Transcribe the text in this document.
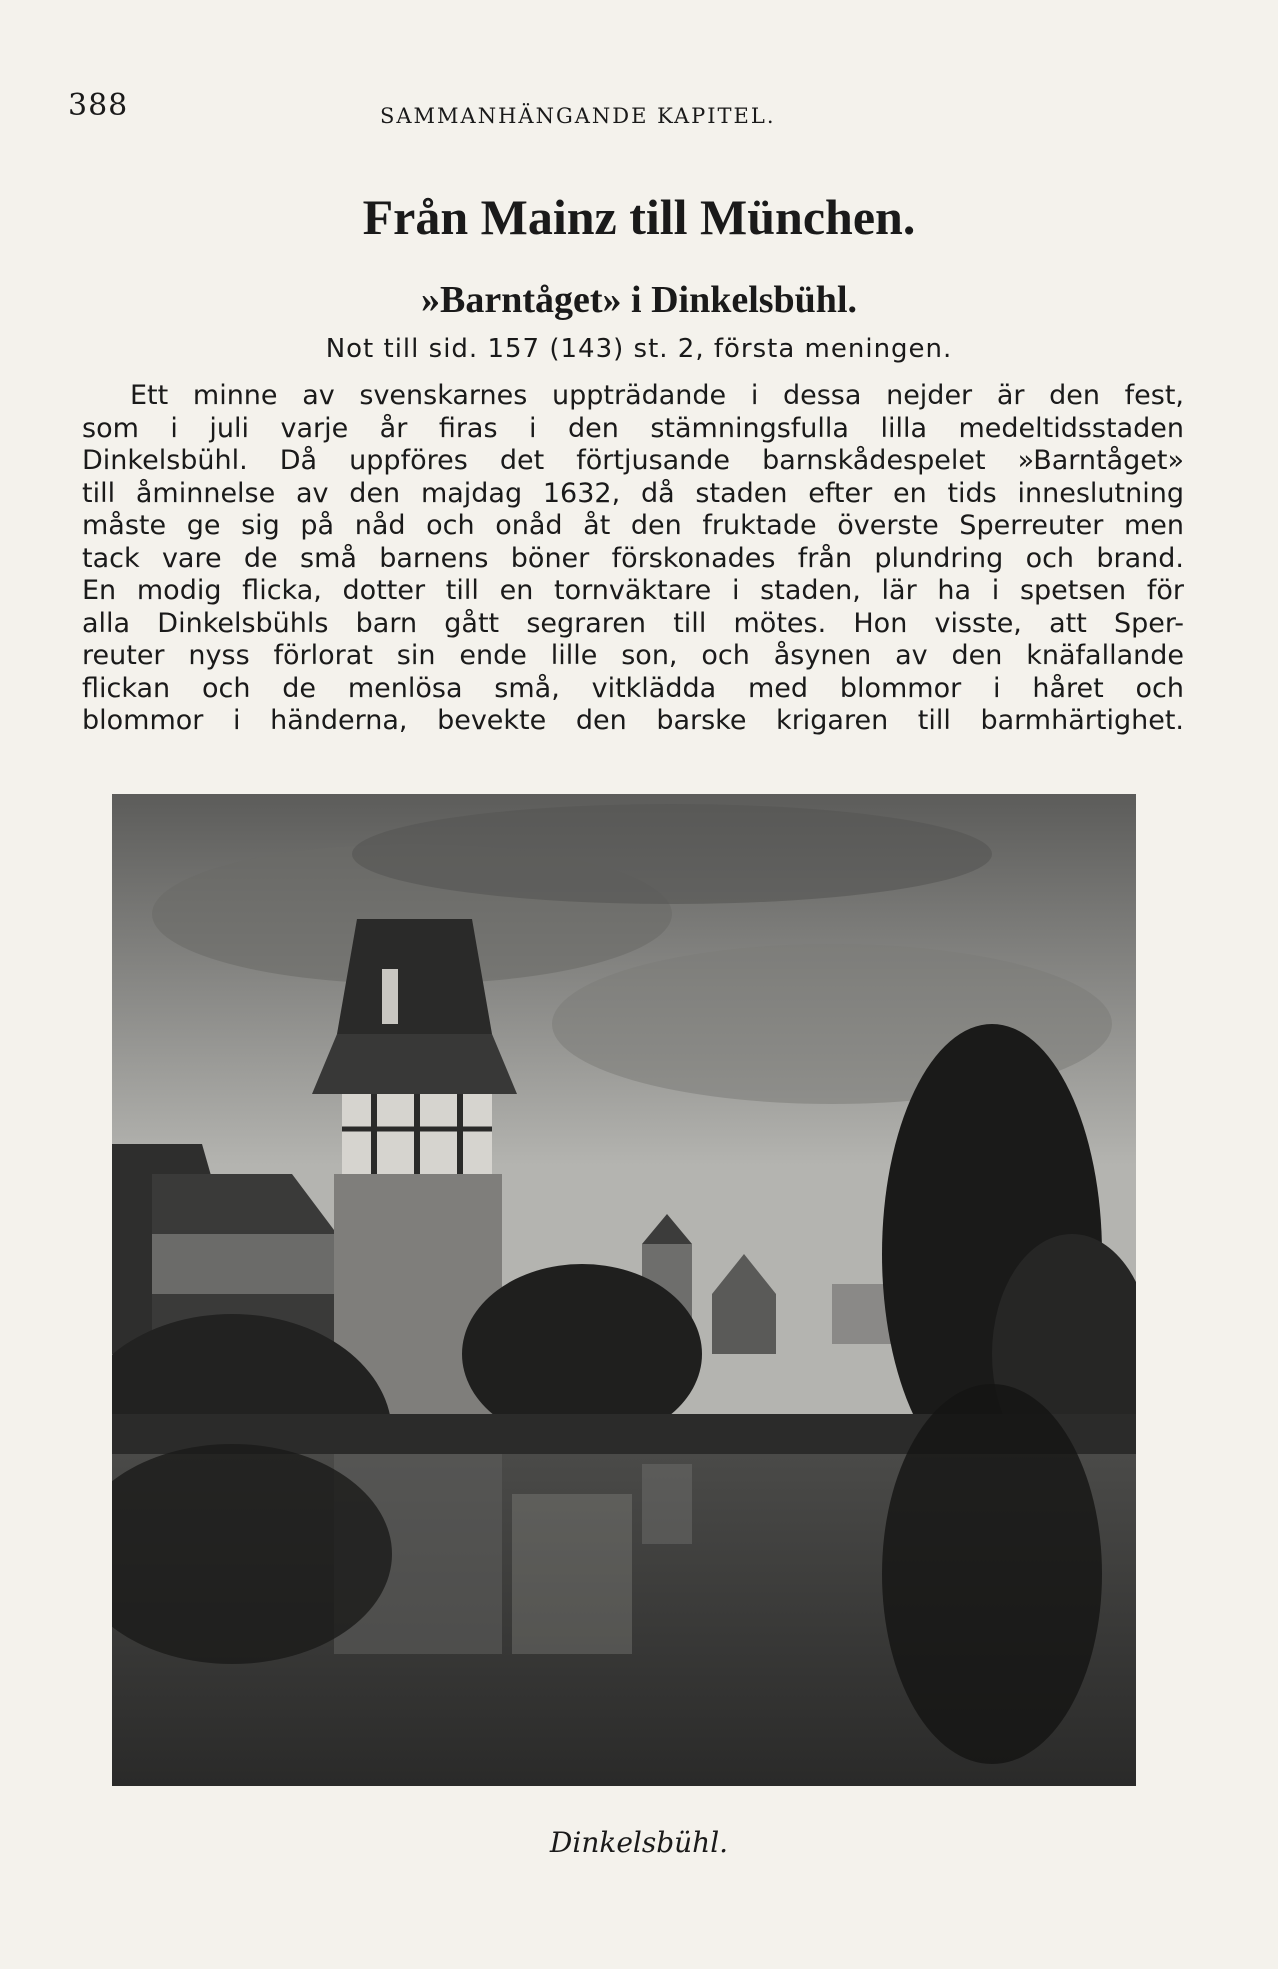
388	SAMMANHÄNGANDE KAPITEL.
Från Mainz till München.
»Barntåget» i Dinkelsbühl.
Not till sid. 157 (143) st. 2, första meningen.
Ett minne av svenskarnes uppträdande i dessa nejder är den fest,
som i juli varje år firas i den stämningsfulla lilla medeltidsstaden
Dinkelsbühl. Då uppföres det förtjusande barnskådespelet »Barntåget»
till åminnelse av den majdag 1632, då staden efter en tids inneslutning
måste ge sig på nåd och onåd åt den fruktade överste Sperreuter men
tack vare de små barnens böner förskonades från plundring och brand.
En modig flicka, dotter till en tornväktare i staden, lär ha i spetsen för
alla Dinkelsbühls barn gått segraren till mötes. Hon visste, att Sper-
reuter nyss förlorat sin ende lille son, och åsynen av den knäfallande
flickan och de menlösa små, vitklädda med blommor i håret och
blommor i händerna, bevekte den barske krigaren till barmhärtighet.
Dinkelsbühl.
